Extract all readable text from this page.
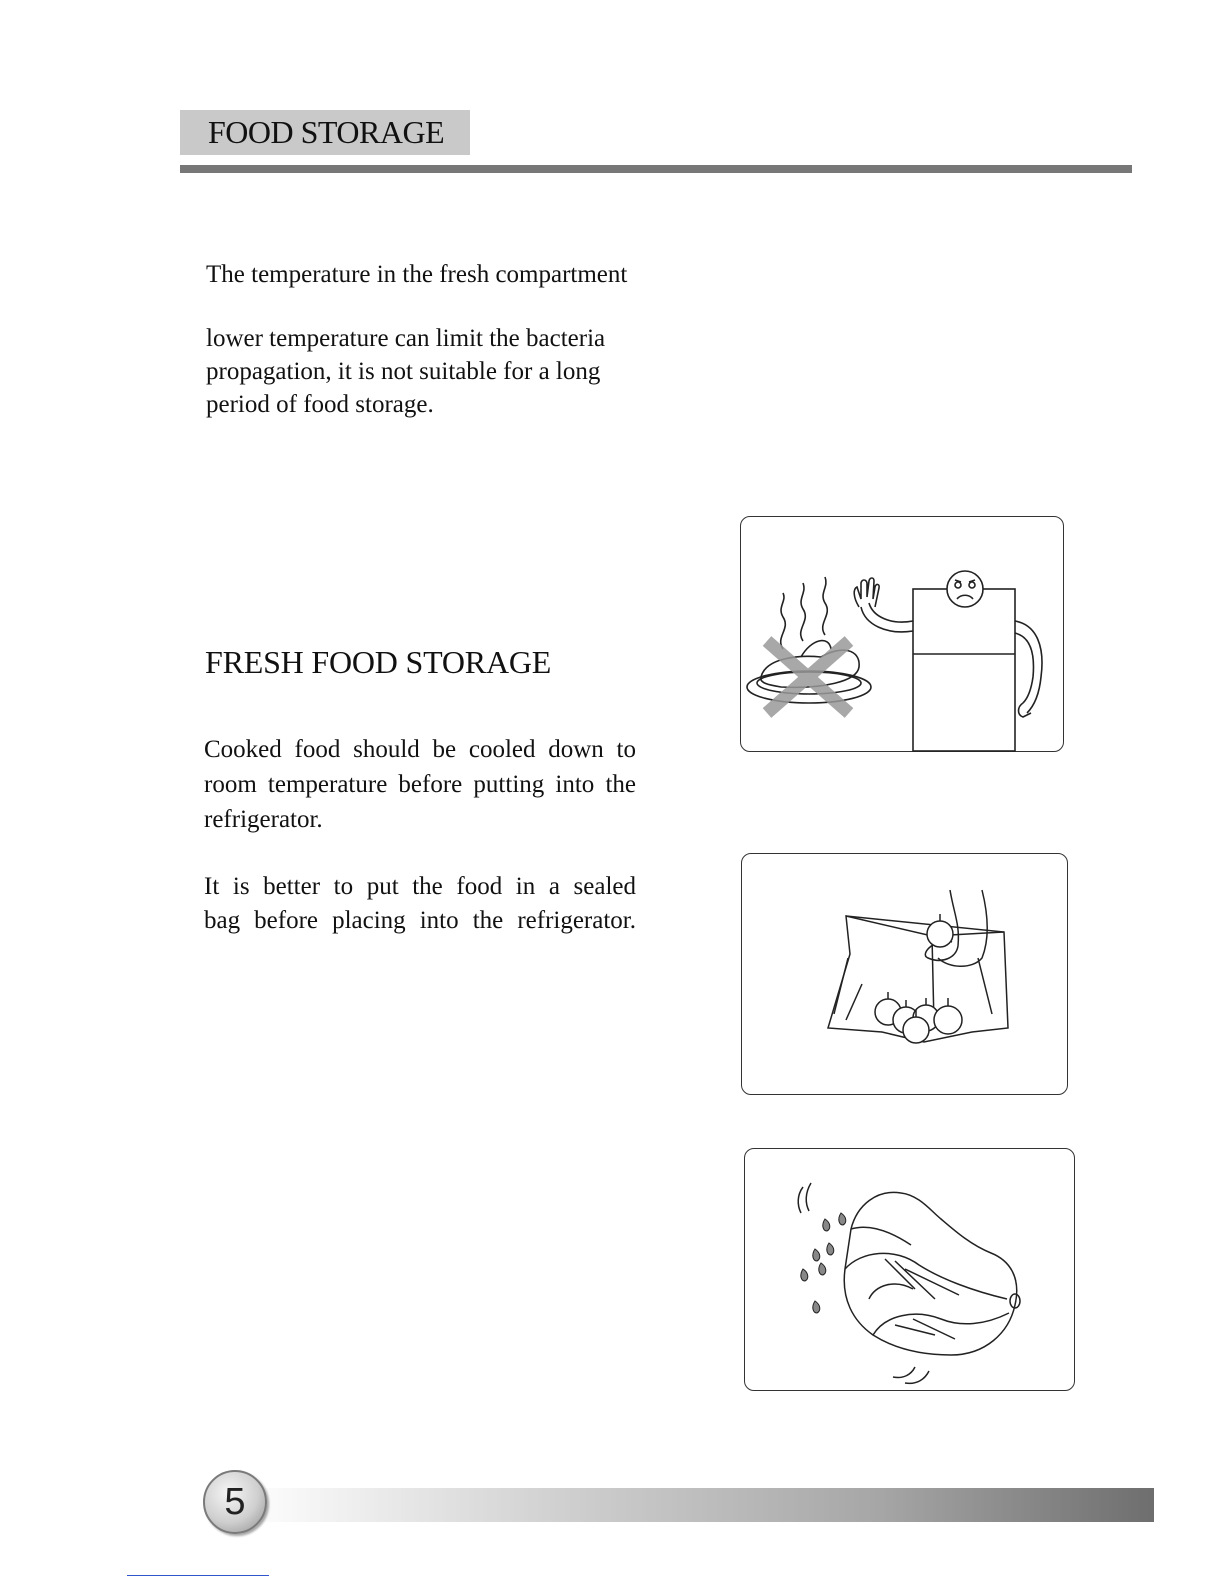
FOOD STORAGE

The temperature in the fresh compartment

lower temperature can limit the bacteria

propagation, it is not suitable for a long

period of food storage.

FRESH FOOD STORAGE

Cooked food should be cooled down to

room temperature before putting into the

refrigerator.

It is better to put the food in a sealed

bag before placing into the refrigerator.

5
